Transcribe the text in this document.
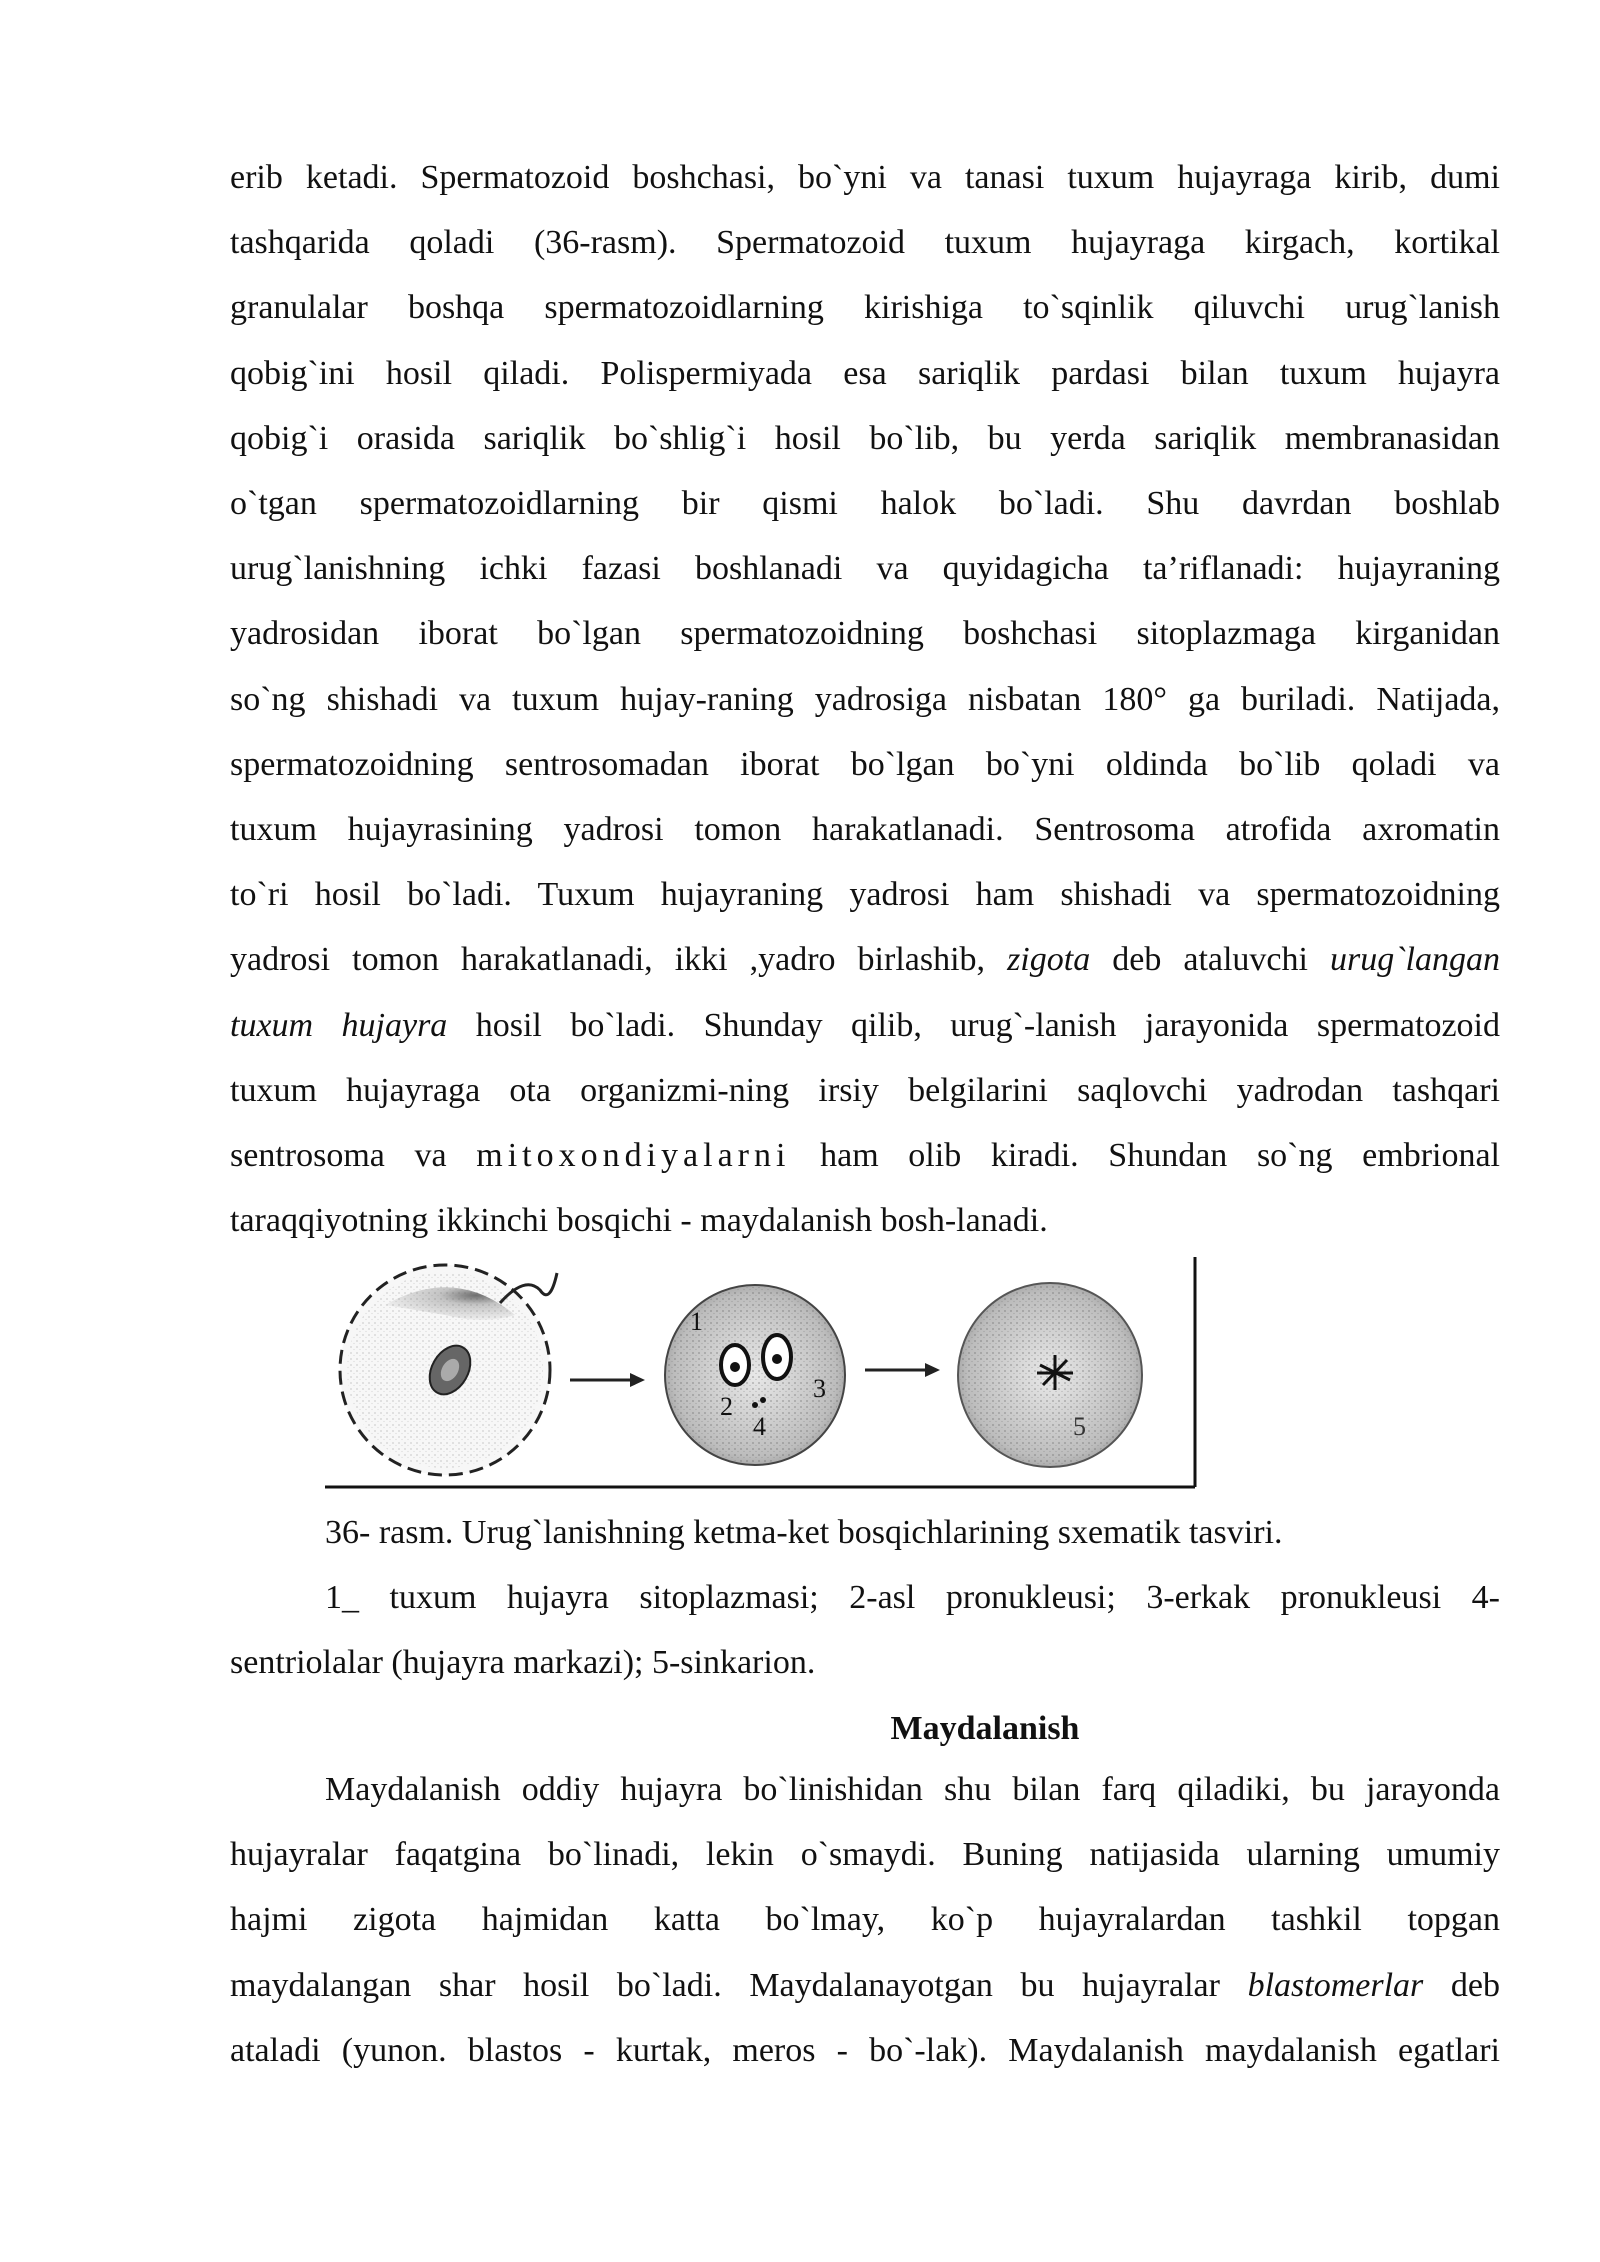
erib ketadi. Spermatozoid boshchasi, bo`yni va tanasi tuxum hujayraga kirib, dumi
tashqarida qoladi (36-rasm). Spermatozoid tuxum hujayraga kirgach, kortikal
granulalar boshqa spermatozoidlarning kirishiga to`sqinlik qiluvchi urug`lanish
qobig`ini hosil qiladi. Polispermiyada esa sariqlik pardasi bilan tuxum hujayra
qobig`i orasida sariqlik bo`shlig`i hosil bo`lib, bu yerda sariqlik membranasidan
o`tgan spermatozoidlarning bir qismi halok bo`ladi. Shu davrdan boshlab
urug`lanishning ichki fazasi boshlanadi va quyidagicha ta’riflanadi: hujayraning
yadrosidan iborat bo`lgan spermatozoidning boshchasi sitoplazmaga kirganidan
so`ng shishadi va tuxum hujay-raning yadrosiga nisbatan 180° ga buriladi. Natijada,
spermatozoidning sentrosomadan iborat bo`lgan bo`yni oldinda bo`lib qoladi va
tuxum hujayrasining yadrosi tomon harakatlanadi. Sentrosoma atrofida axromatin
to`ri hosil bo`ladi. Tuxum hujayraning yadrosi ham shishadi va spermatozoidning
yadrosi tomon harakatlanadi, ikki ,yadro birlashib, zigota deb ataluvchi urug`langan
tuxum hujayra hosil bo`ladi. Shunday qilib, urug`-lanish jarayonida spermatozoid
tuxum hujayraga ota organizmi-ning irsiy belgilarini saqlovchi yadrodan tashqari
sentrosoma va mitoxondiyalarni ham olib kiradi. Shundan so`ng embrional
taraqqiyotning ikkinchi bosqichi - maydalanish bosh-lanadi.

1
2
3
4	5

36- rasm. Urug`lanishning ketma-ket bosqichlarining sxematik tasviri.
1_ tuxum hujayra sitoplazmasi; 2-asl pronukleusi; 3-erkak pronukleusi 4-
sentriolalar (hujayra markazi); 5-sinkarion.

Maydalanish

Maydalanish oddiy hujayra bo`linishidan shu bilan farq qiladiki, bu jarayonda
hujayralar faqatgina bo`linadi, lekin o`smaydi. Buning natijasida ularning umumiy
hajmi zigota hajmidan katta bo`lmay, ko`p hujayralardan tashkil topgan
maydalangan shar hosil bo`ladi. Maydalanayotgan bu hujayralar blastomerlar deb
ataladi (yunon. blastos - kurtak, meros - bo`-lak). Maydalanish maydalanish egatlari
